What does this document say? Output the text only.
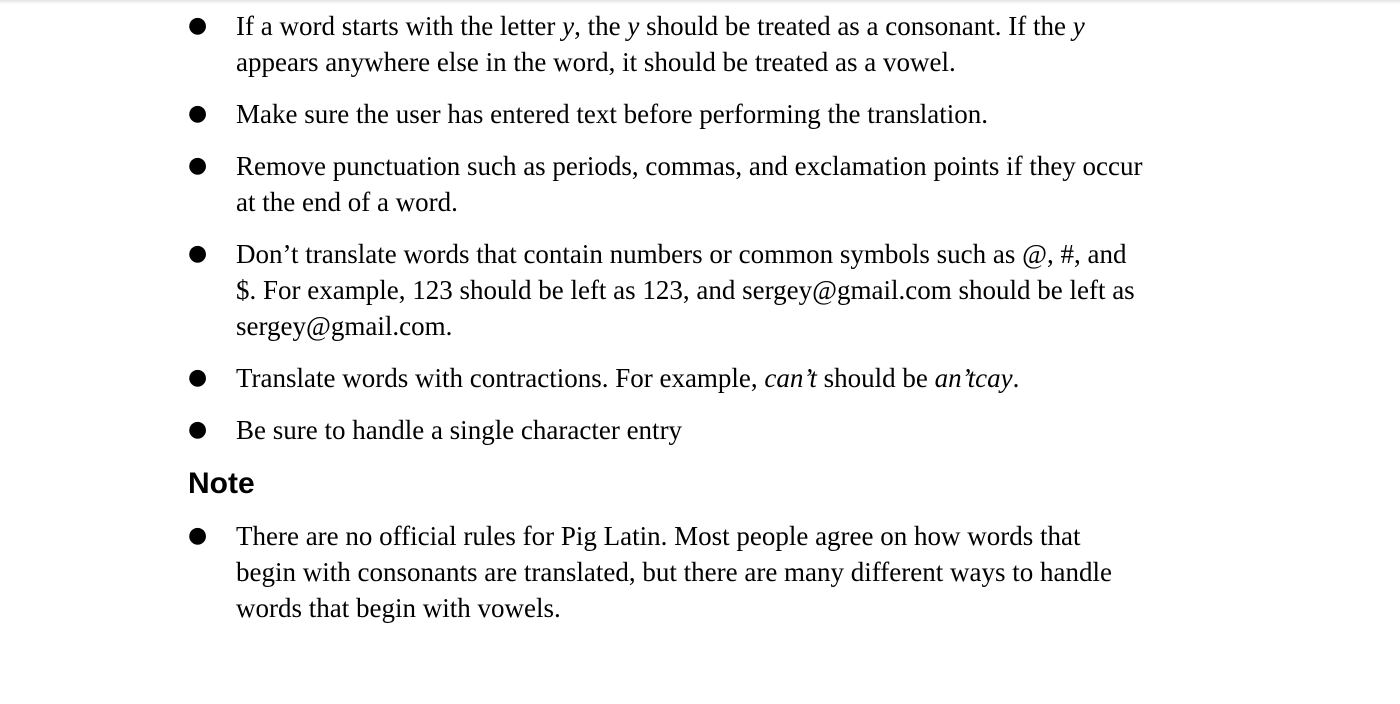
● If a word starts with the letter y, the y should be treated as a consonant. If the y
appears anywhere else in the word, it should be treated as a vowel.
● Make sure the user has entered text before performing the translation.
● Remove punctuation such as periods, commas, and exclamation points if they occur
at the end of a word.
● Don’t translate words that contain numbers or common symbols such as @, #, and
$. For example, 123 should be left as 123, and sergey@gmail.com should be left as
sergey@gmail.com.
● Translate words with contractions. For example, can’t should be an’tcay.
● Be sure to handle a single character entry
Note
● There are no official rules for Pig Latin. Most people agree on how words that
begin with consonants are translated, but there are many different ways to handle
words that begin with vowels.
